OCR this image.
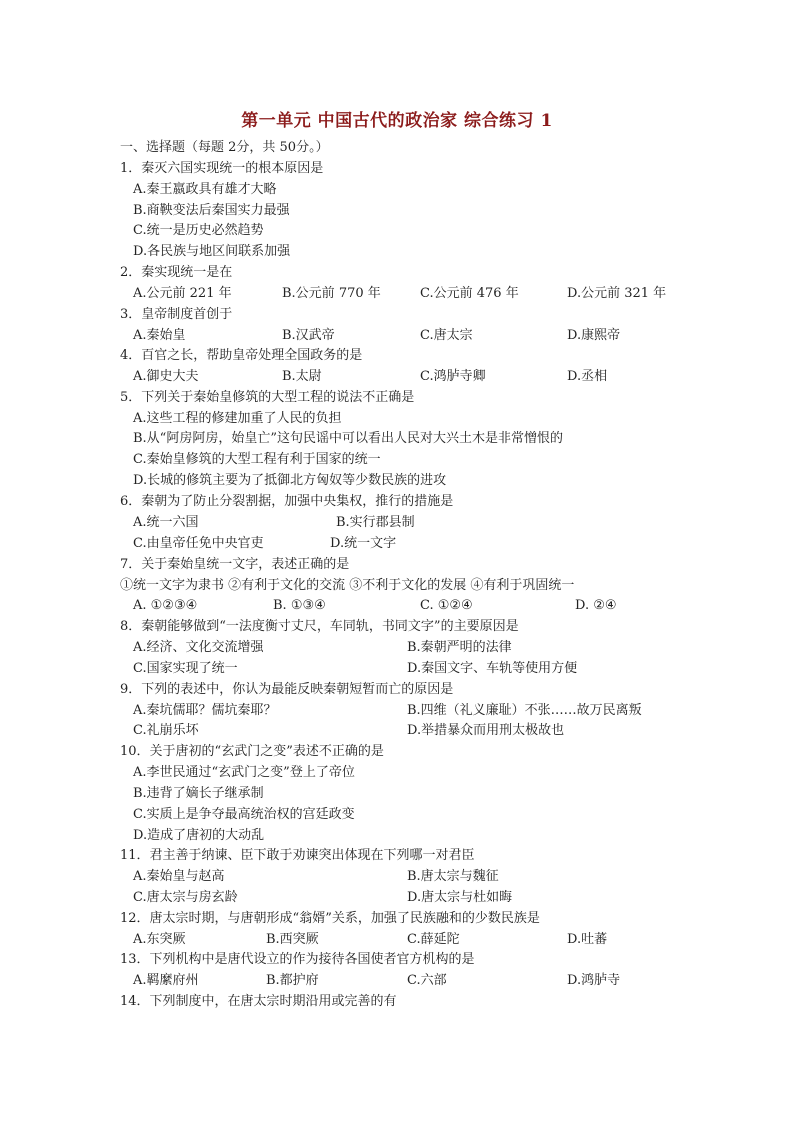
第一单元 中国古代的政治家 综合练习 1
一、选择题（每题 2分，共 50分。）
1．秦灭六国实现统一的根本原因是
A.秦王嬴政具有雄才大略
B.商鞅变法后秦国实力最强
C.统一是历史必然趋势
D.各民族与地区间联系加强
2．秦实现统一是在
A.公元前 221 年	B.公元前 770 年	C.公元前 476 年	D.公元前 321 年
3．皇帝制度首创于
A.秦始皇	B.汉武帝	C.唐太宗	D.康熙帝
4．百官之长，帮助皇帝处理全国政务的是
A.御史大夫	B.太尉	C.鸿胪寺卿	D.丞相
5．下列关于秦始皇修筑的大型工程的说法不正确是
A.这些工程的修建加重了人民的负担
B.从“阿房阿房，始皇亡”这句民谣中可以看出人民对大兴土木是非常憎恨的
C.秦始皇修筑的大型工程有利于国家的统一
D.长城的修筑主要为了抵御北方匈奴等少数民族的进攻
6．秦朝为了防止分裂割据，加强中央集权，推行的措施是
A.统一六国	B.实行郡县制
C.由皇帝任免中央官吏	D.统一文字
7．关于秦始皇统一文字，表述正确的是
①统一文字为隶书 ②有利于文化的交流 ③不利于文化的发展 ④有利于巩固统一
A. ①②③④	B. ①③④	C. ①②④	D. ②④
8．秦朝能够做到“一法度衡寸丈尺，车同轨，书同文字”的主要原因是
A.经济、文化交流增强	B.秦朝严明的法律
C.国家实现了统一	D.秦国文字、车轨等使用方便
9．下列的表述中，你认为最能反映秦朝短暂而亡的原因是
A.秦坑儒耶？儒坑秦耶？	B.四维（礼义廉耻）不张……故万民离叛
C.礼崩乐坏	D.举措暴众而用刑太极故也
10．关于唐初的“玄武门之变”表述不正确的是
A.李世民通过“玄武门之变”登上了帝位
B.违背了嫡长子继承制
C.实质上是争夺最高统治权的宫廷政变
D.造成了唐初的大动乱
11．君主善于纳谏、臣下敢于劝谏突出体现在下列哪一对君臣
A.秦始皇与赵高	B.唐太宗与魏征
C.唐太宗与房玄龄	D.唐太宗与杜如晦
12．唐太宗时期，与唐朝形成“翁婿”关系，加强了民族融和的少数民族是
A.东突厥	B.西突厥	C.薛延陀	D.吐蕃
13．下列机构中是唐代设立的作为接待各国使者官方机构的是
A.羁縻府州	B.都护府	C.六部	D.鸿胪寺
14．下列制度中，在唐太宗时期沿用或完善的有
